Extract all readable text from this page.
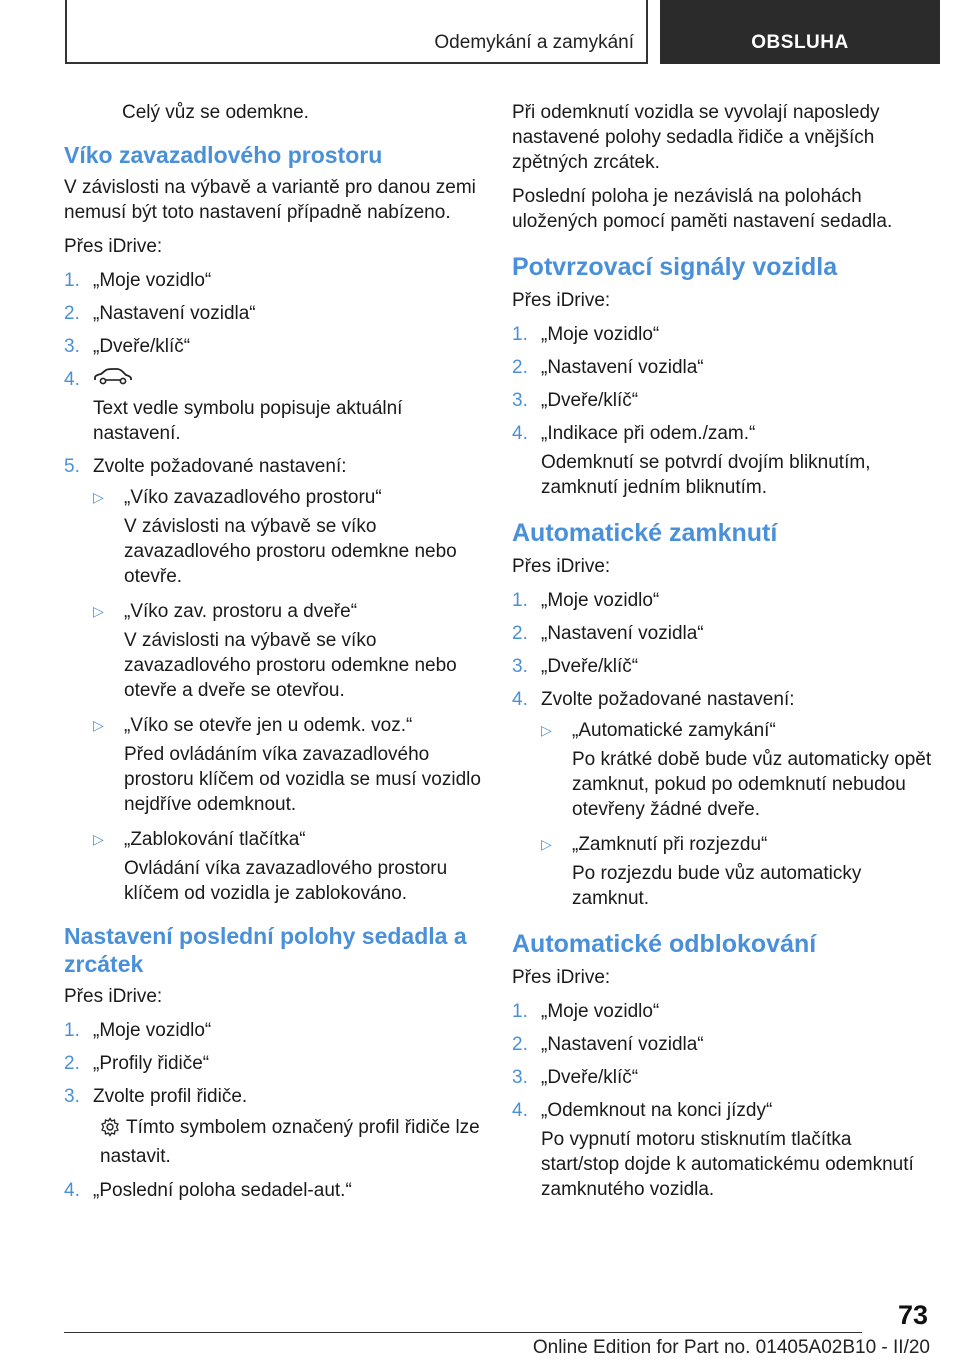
Odemykání a zamykání	OBSLUHA

Celý vůz se odemkne.

Víko zavazadlového prostoru

V závislosti na výbavě a variantě pro danou zemi nemusí být toto nastavení případně nabízeno.

Přes iDrive:

1. „Moje vozidlo“
2. „Nastavení vozidla“
3. „Dveře/klíč“
4.

Text vedle symbolu popisuje aktuální nastavení.

5. Zvolte požadované nastavení:
▷ „Víko zavazadlového prostoru“

V závislosti na výbavě se víko zavazadlového prostoru odemkne nebo otevře.

▷ „Víko zav. prostoru a dveře“

V závislosti na výbavě se víko zavazadlového prostoru odemkne nebo otevře a dveře se otevřou.

▷ „Víko se otevře jen u odemk. voz.“

Před ovládáním víka zavazadlového prostoru klíčem od vozidla se musí vozidlo nejdříve odemknout.

▷ „Zablokování tlačítka“

Ovládání víka zavazadlového prostoru klíčem od vozidla je zablokováno.

Nastavení poslední polohy sedadla a zrcátek

Přes iDrive:

1. „Moje vozidlo“
2. „Profily řidiče“
3. Zvolte profil řidiče.

Tímto symbolem označený profil řidiče lze nastavit.

4. „Poslední poloha sedadel-aut.“

Při odemknutí vozidla se vyvolají naposledy nastavené polohy sedadla řidiče a vnějších zpětných zrcátek.

Poslední poloha je nezávislá na polohách uložených pomocí paměti nastavení sedadla.

Potvrzovací signály vozidla

Přes iDrive:

1. „Moje vozidlo“
2. „Nastavení vozidla“
3. „Dveře/klíč“
4. „Indikace při odem./zam.“

Odemknutí se potvrdí dvojím bliknutím, zamknutí jedním bliknutím.

Automatické zamknutí

Přes iDrive:

1. „Moje vozidlo“
2. „Nastavení vozidla“
3. „Dveře/klíč“
4. Zvolte požadované nastavení:
▷ „Automatické zamykání“

Po krátké době bude vůz automaticky opět zamknut, pokud po odemknutí nebudou otevřeny žádné dveře.

▷ „Zamknutí při rozjezdu“

Po rozjezdu bude vůz automaticky zamknut.

Automatické odblokování

Přes iDrive:

1. „Moje vozidlo“
2. „Nastavení vozidla“
3. „Dveře/klíč“
4. „Odemknout na konci jízdy“

Po vypnutí motoru stisknutím tlačítka start/stop dojde k automatickému odemknutí zamknutého vozidla.

73
Online Edition for Part no. 01405A02B10 - II/20
